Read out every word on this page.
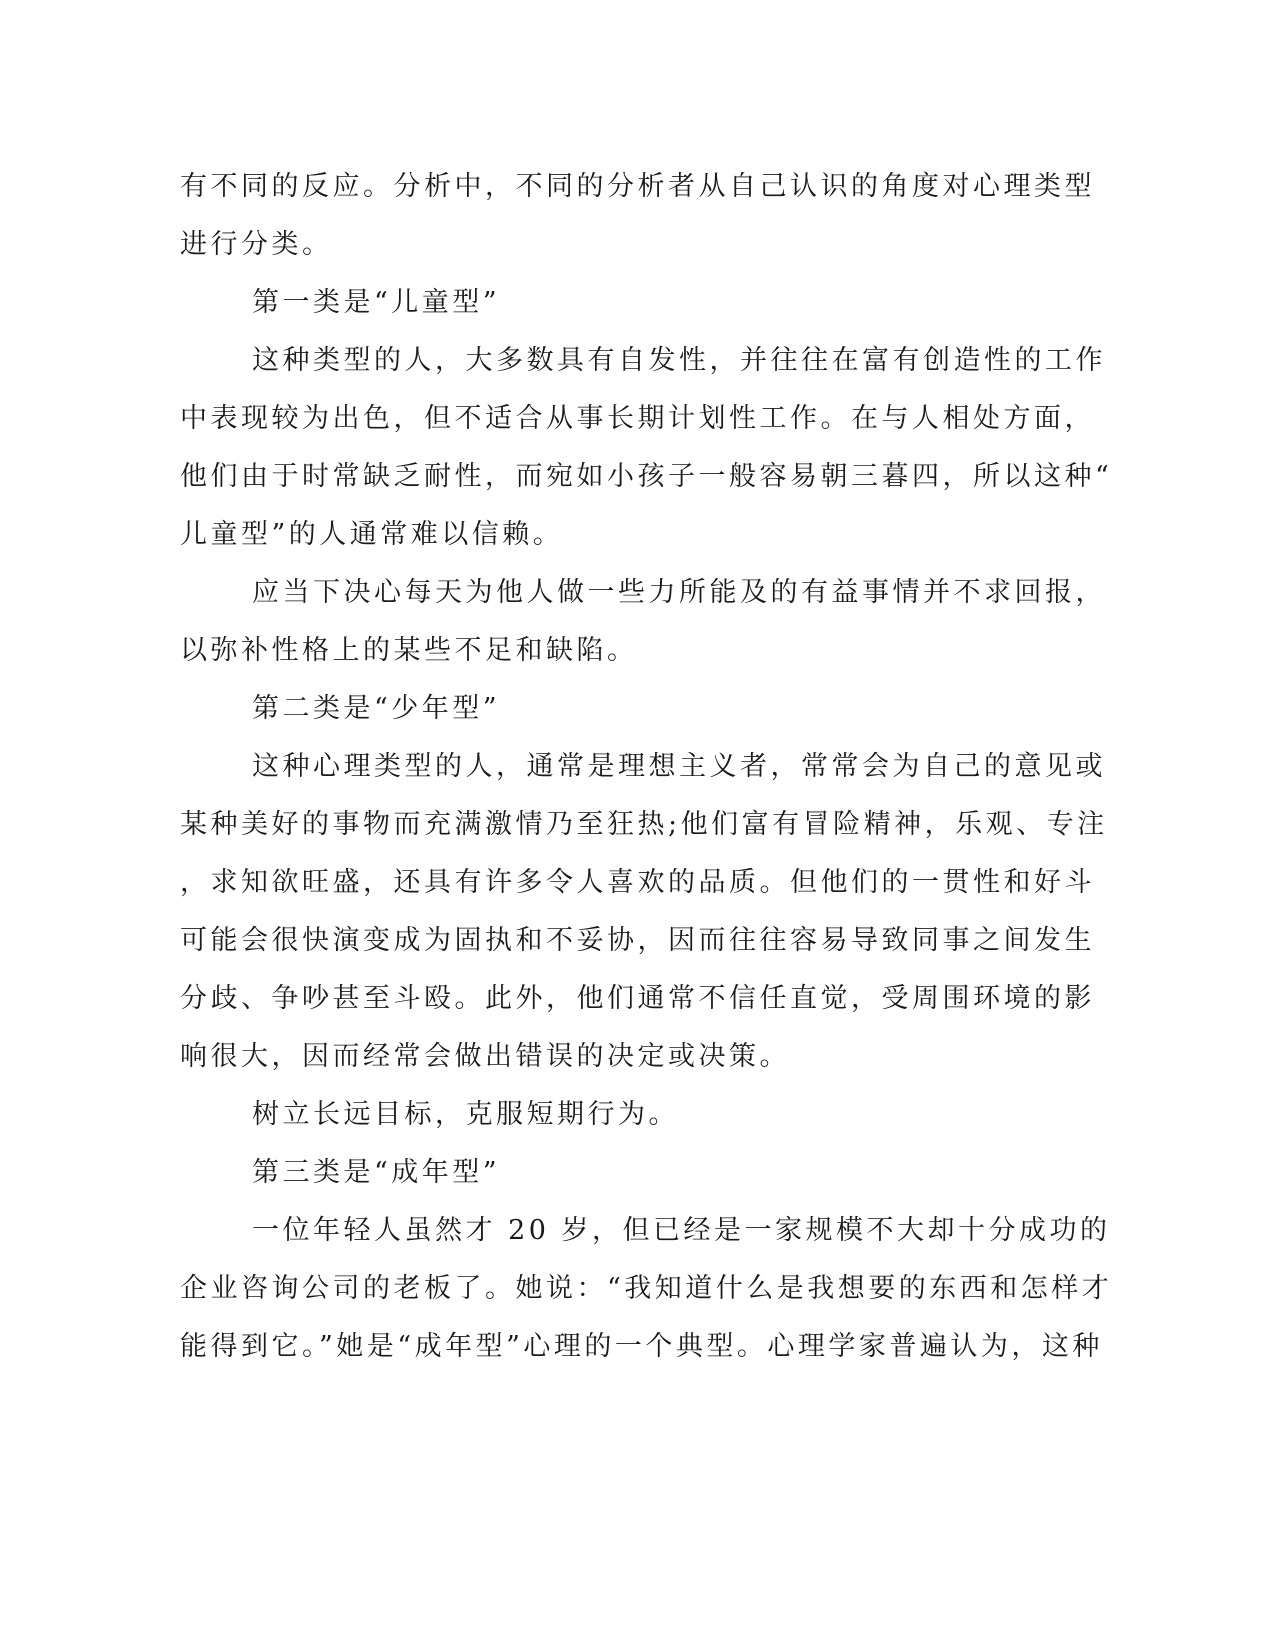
有不同的反应。分析中，不同的分析者从自己认识的角度对心理类型
进行分类。
第一类是“儿童型”
这种类型的人，大多数具有自发性，并往往在富有创造性的工作
中表现较为出色，但不适合从事长期计划性工作。在与人相处方面，
他们由于时常缺乏耐性，而宛如小孩子一般容易朝三暮四，所以这种“
儿童型”的人通常难以信赖。
应当下决心每天为他人做一些力所能及的有益事情并不求回报，
以弥补性格上的某些不足和缺陷。
第二类是“少年型”
这种心理类型的人，通常是理想主义者，常常会为自己的意见或
某种美好的事物而充满激情乃至狂热;他们富有冒险精神，乐观、专注
，求知欲旺盛，还具有许多令人喜欢的品质。但他们的一贯性和好斗
可能会很快演变成为固执和不妥协，因而往往容易导致同事之间发生
分歧、争吵甚至斗殴。此外，他们通常不信任直觉，受周围环境的影
响很大，因而经常会做出错误的决定或决策。
树立长远目标，克服短期行为。
第三类是“成年型”
一位年轻人虽然才 20 岁，但已经是一家规模不大却十分成功的
企业咨询公司的老板了。她说：“我知道什么是我想要的东西和怎样才
能得到它。”她是“成年型”心理的一个典型。心理学家普遍认为，这种
